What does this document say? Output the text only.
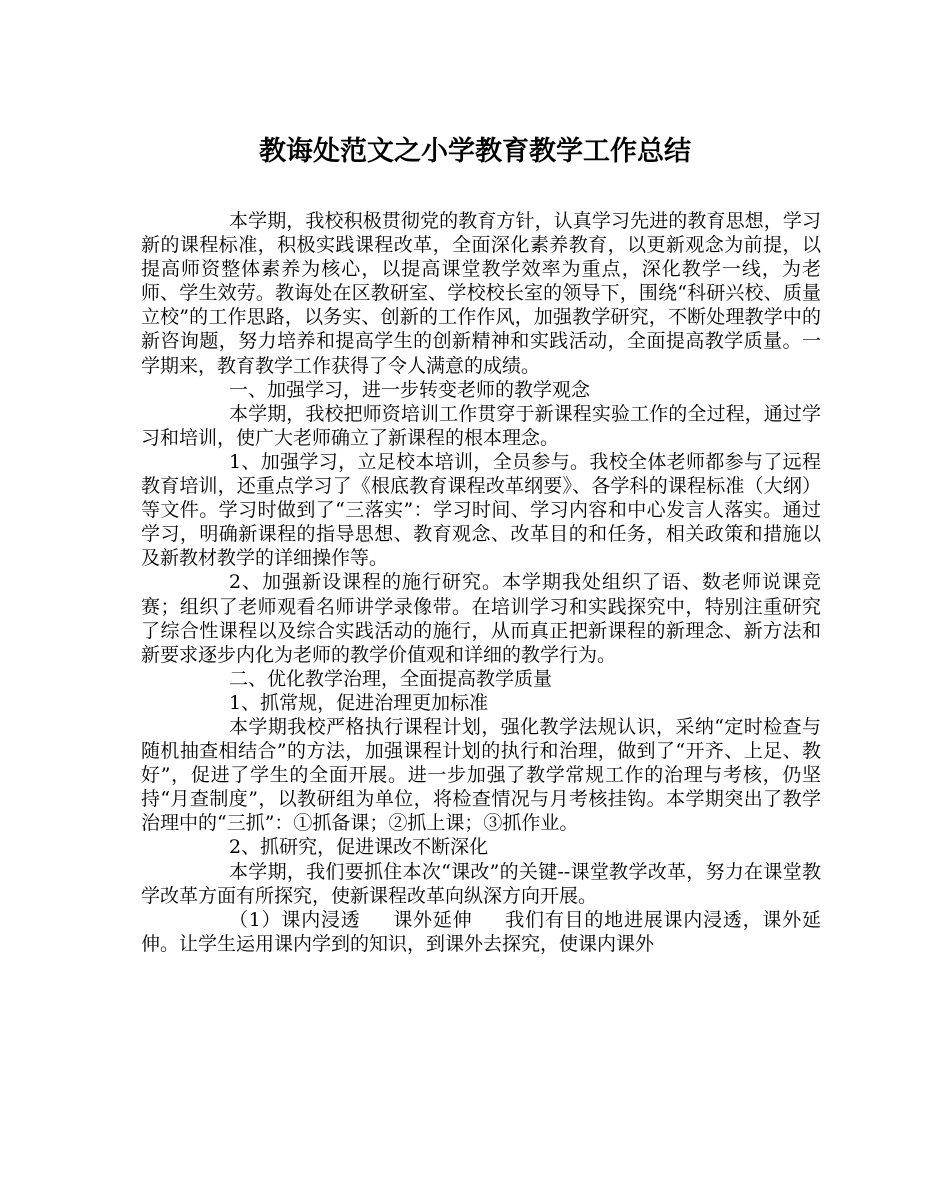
教诲处范文之小学教育教学工作总结

本学期，我校积极贯彻党的教育方针，认真学习先进的教育思想，学习新的课程标准，积极实践课程改革，全面深化素养教育，以更新观念为前提，以提高师资整体素养为核心，以提高课堂教学效率为重点，深化教学一线，为老师、学生效劳。教诲处在区教研室、学校校长室的领导下，围绕“科研兴校、质量立校”的工作思路，以务实、创新的工作作风，加强教学研究，不断处理教学中的新咨询题，努力培养和提高学生的创新精神和实践活动，全面提高教学质量。一学期来，教育教学工作获得了令人满意的成绩。

一、加强学习，进一步转变老师的教学观念

本学期，我校把师资培训工作贯穿于新课程实验工作的全过程，通过学习和培训，使广大老师确立了新课程的根本理念。

1、加强学习，立足校本培训，全员参与。我校全体老师都参与了远程教育培训，还重点学习了《根底教育课程改革纲要》、各学科的课程标准（大纲）等文件。学习时做到了“三落实”：学习时间、学习内容和中心发言人落实。通过学习，明确新课程的指导思想、教育观念、改革目的和任务，相关政策和措施以及新教材教学的详细操作等。

2、加强新设课程的施行研究。本学期我处组织了语、数老师说课竞赛；组织了老师观看名师讲学录像带。在培训学习和实践探究中，特别注重研究了综合性课程以及综合实践活动的施行，从而真正把新课程的新理念、新方法和新要求逐步内化为老师的教学价值观和详细的教学行为。

二、优化教学治理，全面提高教学质量

1、抓常规，促进治理更加标准

本学期我校严格执行课程计划，强化教学法规认识，采纳“定时检查与随机抽查相结合”的方法，加强课程计划的执行和治理，做到了“开齐、上足、教好”，促进了学生的全面开展。进一步加强了教学常规工作的治理与考核，仍坚持“月查制度”，以教研组为单位，将检查情况与月考核挂钩。本学期突出了教学治理中的“三抓”：①抓备课；②抓上课；③抓作业。

2、抓研究，促进课改不断深化

本学期，我们要抓住本次“课改”的关键--课堂教学改革，努力在课堂教学改革方面有所探究，使新课程改革向纵深方向开展。

（1）课内浸透 课外延伸 我们有目的地进展课内浸透，课外延伸。让学生运用课内学到的知识，到课外去探究，使课内课外
